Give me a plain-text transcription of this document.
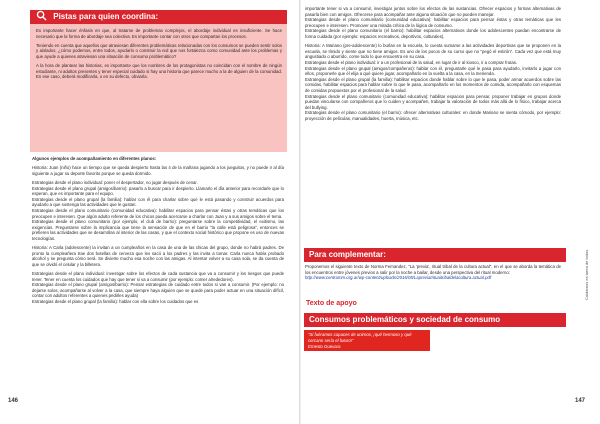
Pistas para quien coordina:

Es importante hacer énfasis en que, al tratarse de problemas complejos, el abordaje individual es insuficiente. Se hace necesario que la forma de abordaje sea colectiva. Es importante contar con otros que compartan los procesos.

Teniendo en cuenta que aquellos que atraviesan diferentes problemáticas relacionadas con los consumos se pueden sentir solos y aislados, ¿cómo podemos, entre todos, ayudarlo o construir la red que nos fortalezca como comunidad ante los problemas y que ayude a quienes atraviesan una situación de consumo problemático?

A la hora de plantear las historias, es importante que los nombres de los protagonistas no coincidan con el nombre de ningún estudiante, ni adultos presentes y tener especial cuidado si hay una historia que parece mucho a la de alguien de la comunidad. En ese caso, deberá modificarla, o en su defecto, obviarla.

Algunos ejemplos de acompañamiento en diferentes planos:

Historia: Juan (niño) hace un tiempo que se queda despierto hasta las 4 de la mañana jugando a los jueguitos, y no puede ir al día siguiente a jugar su deporte favorito porque se queda dormido.

Estrategias desde el plano individual: poner el despertador, no jugar después de cenar.

Estrategias desde el plano grupal (amigos/barrio): pasarlo a buscar para ir despierto. Llamarlo el día anterior para recordarle que lo esperan, que es importante para el equipo.

Estrategias desde el plano grupal (la familia): hablar con él para charlar sobre qué le está pasando y construir acuerdos para ayudarlo a que sostenga las actividades que le gustan.

Estrategias desde el plano comunitario (comunidad educativa): habilitar espacios para pensar éstas y otras temáticas que los preocupen e interesen. Que algún adulto referente de los chicos pueda acercarse a charlar con Juan y a sus amigos sobre el tema.

Estrategias desde el plano comunitario (por ejemplo, el club de barrio): preguntarse sobre la competitividad, el exitismo, las exigencias. Preguntarse sobre la implicancia que tiene la sensación de que en el barrio "la calle está peligrosa", entonces se prefieren las actividades que se desarrollan al interior de las casas, y que el contexto social histórico que propone es uso de nuevas tecnologías.

Historia: A Carla (adolescente) la invitan a un cumpleaños en la casa de una de las chicas del grupo, donde no habrá padres. De pronto la cumpleañera trae dos botellas de cerveza que les sacó a los padres y las invita a tomar. Carla nunca había probado alcohol y se pregunta cómo será. Se divierte mucho esa noche con las amigas. Al intentar volver a su casa sola, se da cuenta de que se olvidó el celular y la billetera.

Estrategias desde el plano individual: investigar sobre los efectos de cada sustancia que va a consumir y los riesgos que puede tener. Tener en cuenta los cuidados que hay que tener si va a consumir (por ejemplo: comer alrededores).

Estrategias desde el plano grupal (amigos/barrio): Pensar estrategias de cuidado entre todos si van a consumir. (Por ejemplo: no dejarse solos, acompañarse al volver a la casa, que siempre haya alguien que se quede para poder actuar en una situación difícil, contar con adultos referentes a quienes pedirles ayuda)

Estrategias desde el plano grupal (la familia): hablar con ella sobre los cuidados que es

146

importante tener si va a consumir, investigar juntos sobre los efectos de las sustancias. Ofrecer espacios y formas alternativas de pasarla bien con amigos. Ofrecerse para acompañar ante alguna situación que no pueden manejar.

Estrategias desde el plano comunitario (comunidad educativa): habilitar espacios para pensar éstas y otras temáticas que les preocupen e interesen. Promover una mirada crítica de la lógica de consumo.

Estrategias desde el plano comunitario (el barrio): habilitar espacios alternativos donde los adolescentes puedan encontrarse de forma cuidada (por ejemplo: espacios recreativos, deportivos, culturales).

Historia: A Mariano (pre-adolescente) lo burlan en la escuela, lo cuesta sumarse a las actividades deportivas que se proponen en la escuela, se tímido y siente que no tiene amigos. Es uno de los pocos de su curso que no "pegó el estirón". Cada vez que está muy angustiado o aburrido, come todo lo que encuentra en su casa.

Estrategias desde el plano individual: ir a un profesional de la salud, en lugar de ir al kiosco, ir a comprar frutas.

Estrategias desde el plano grupal (amigos/compañeros): hablar con él, preguntarle qué le pasa para ayudarlo, invitarlo a jugar con ellos, proponerle que él elija a qué quiere jugar, acompañarlo en la vuelta a la casa, en la merienda.

Estrategias desde el plano grupal (la familia): habilitar espacios donde hablar sobre lo que le pasa, poder armar acuerdos sobre las comidas, habilitar espacios para hablar sobre lo que le pasa, acompañarlo en los momentos de comida, acompañarlo con esquemas de comidas propuestos por el profesional de la salud.

Estrategias desde el plano comunitario (comunidad educativa): habilitar espacios para pensar, proponer trabajar en grupos donde puedan vincularse con compañeros que lo cuiden y acompañen, trabajar la valoración de todos más allá de lo físico, trabajar acerca del bullying.

Estrategias desde el plano comunitario (el barrio): ofrecer alternativas culturales: en donde Mariano se sienta cómodo, por ejemplo: proyección de películas, manualidades, huerta, música, etc.

Para complementar:

Proponemos el siguiente texto de Norma Fernandez, "La 'previa', ritual tribal de la cultura actual", en el que se aborda la temática de los encuentros entre jóvenes previos a salir por la noche a bailar, desde una perspectiva del ritual moderno:

http://www.centromm.org.ar/wp-content/uploads/2016/05/Lapreviatrituaitribaldelacultura.actual.pdf

Texto de apoyo
Consumos problemáticos y sociedad de consumo
"Si fuéramos capaces de unirnos, ¡qué hermoso y qué cercano sería el futuro!"
Ernesto Guevara
Cuidarnos es tarea de todos
147
